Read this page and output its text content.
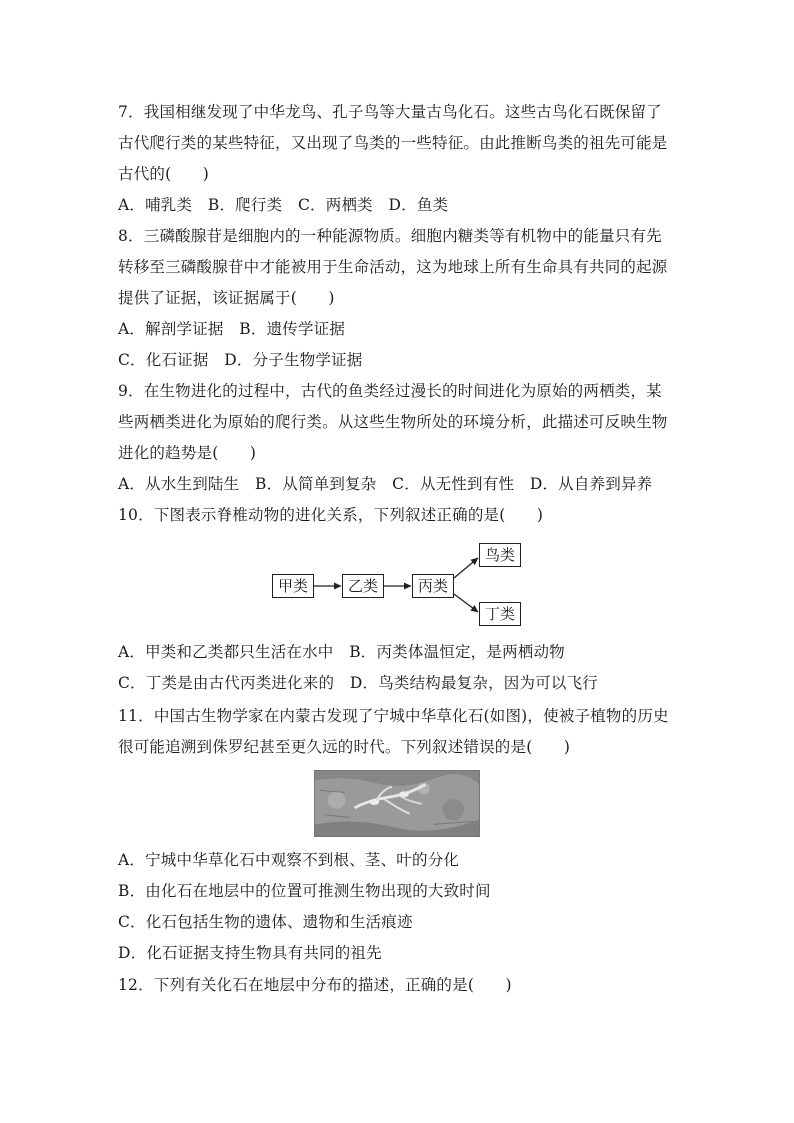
7．我国相继发现了中华龙鸟、孔子鸟等大量古鸟化石。这些古鸟化石既保留了
古代爬行类的某些特征，又出现了鸟类的一些特征。由此推断鸟类的祖先可能是
古代的(　　)
A．哺乳类　B．爬行类　C．两栖类　D．鱼类
8．三磷酸腺苷是细胞内的一种能源物质。细胞内糖类等有机物中的能量只有先
转移至三磷酸腺苷中才能被用于生命活动，这为地球上所有生命具有共同的起源
提供了证据，该证据属于(　　)
A．解剖学证据　B．遗传学证据
C．化石证据　D．分子生物学证据
9．在生物进化的过程中，古代的鱼类经过漫长的时间进化为原始的两栖类，某
些两栖类进化为原始的爬行类。从这些生物所处的环境分析，此描述可反映生物
进化的趋势是(　　)
A．从水生到陆生　B．从简单到复杂　C．从无性到有性　D．从自养到异养
10．下图表示脊椎动物的进化关系，下列叙述正确的是(　　)
甲类	乙类	丙类
鸟类
丁类
A．甲类和乙类都只生活在水中　B．丙类体温恒定，是两栖动物
C．丁类是由古代丙类进化来的　D．鸟类结构最复杂，因为可以飞行
11．中国古生物学家在内蒙古发现了宁城中华草化石(如图)，使被子植物的历史
很可能追溯到侏罗纪甚至更久远的时代。下列叙述错误的是(　　)
A．宁城中华草化石中观察不到根、茎、叶的分化
B．由化石在地层中的位置可推测生物出现的大致时间
C．化石包括生物的遗体、遗物和生活痕迹
D．化石证据支持生物具有共同的祖先
12．下列有关化石在地层中分布的描述，正确的是(　　)
